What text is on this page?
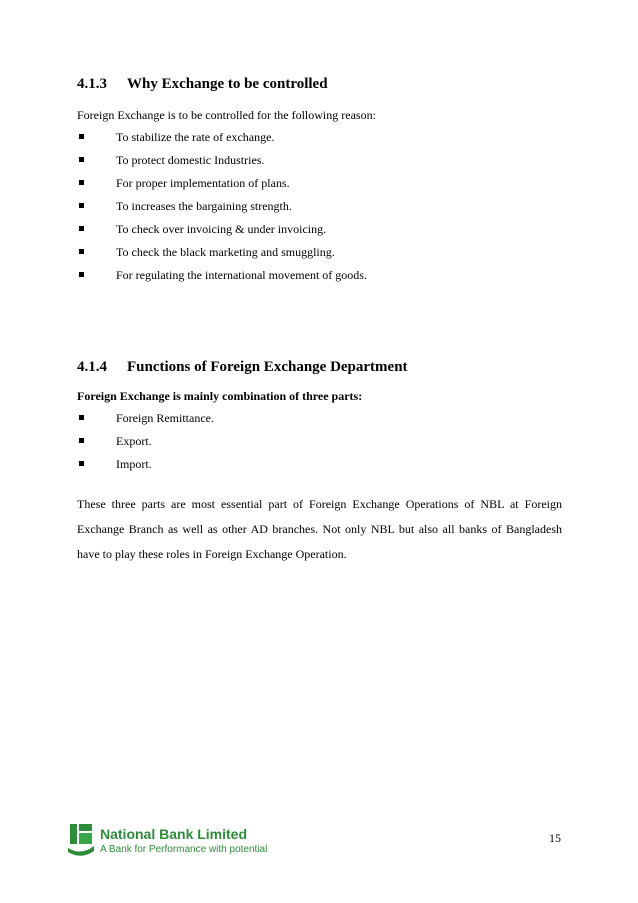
4.1.3 Why Exchange to be controlled
Foreign Exchange is to be controlled for the following reason:
To stabilize the rate of exchange.
To protect domestic Industries.
For proper implementation of plans.
To increases the bargaining strength.
To check over invoicing & under invoicing.
To check the black marketing and smuggling.
For regulating the international movement of goods.
4.1.4 Functions of Foreign Exchange Department
Foreign Exchange is mainly combination of three parts:
Foreign Remittance.
Export.
Import.

These three parts are most essential part of Foreign Exchange Operations of NBL at Foreign Exchange Branch as well as other AD branches. Not only NBL but also all banks of Bangladesh have to play these roles in Foreign Exchange Operation.

National Bank Limited
A Bank for Performance with potential
15
